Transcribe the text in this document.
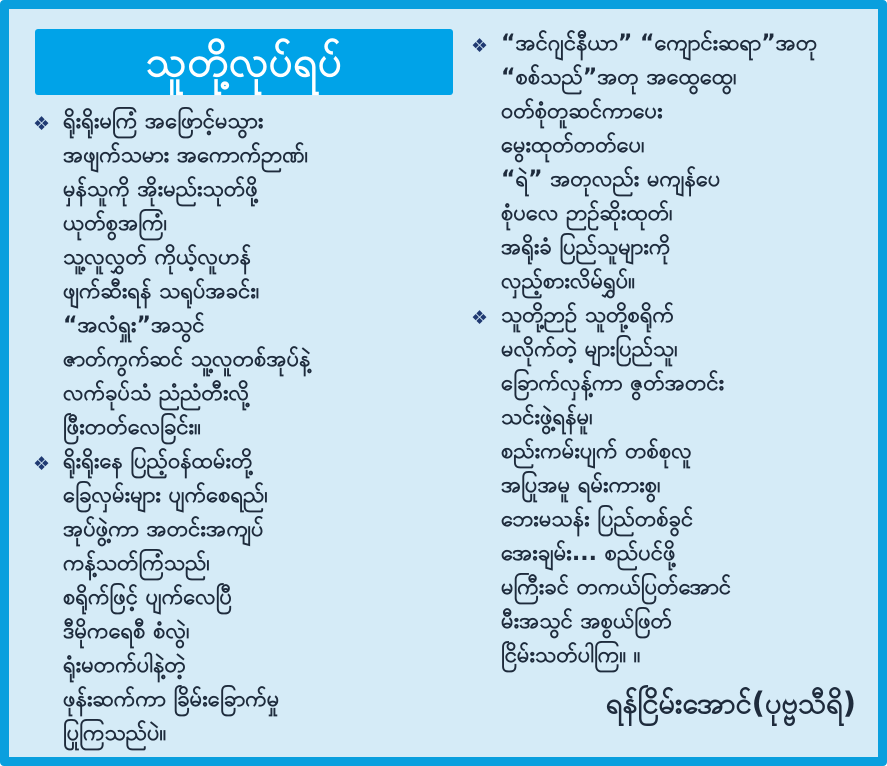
သူတို့လုပ်ရပ်
❖ ရိုးရိုးမကြံ အဖြောင့်မသွား
အဖျက်သမား အကောက်ဉာဏ်၊
မှန်သူကို အိုးမည်းသုတ်ဖို့
ယုတ်စွအကြံ၊
သူ့လူလွှတ် ကိုယ့်လူဟန်
ဖျက်ဆီးရန် သရုပ်အခင်း၊
“အလံရှူး”အသွင်
ဇာတ်ကွက်ဆင် သူ့လူတစ်အုပ်နဲ့
လက်ခုပ်သံ ညံညံတီးလို့
ဖြီးတတ်လေခြင်း။
❖ ရိုးရိုးနေ ပြည့်ဝန်ထမ်းတို့
ခြေလှမ်းများ ပျက်စေရည်၊
အုပ်ဖွဲ့ကာ အတင်းအကျပ်
ကန့်သတ်ကြံသည်၊
စရိုက်ဖြင့် ပျက်လေပြီ
ဒီမိုကရေစီ စံလွဲ၊
ရုံးမတက်ပါနဲ့တဲ့
ဖုန်းဆက်ကာ ခြိမ်းခြောက်မှု
ပြုကြသည်ပဲ။
❖ “အင်ဂျင်နီယာ” “ကျောင်းဆရာ”အတု
“စစ်သည်”အတု အထွေထွေ၊
ဝတ်စုံတူဆင်ကာပေး
မွေးထုတ်တတ်ပေ၊
“ရဲ” အတုလည်း မကျန်ပေ
စုံပလေ ဉာဉ်ဆိုးထုတ်၊
အရိုးခံ ပြည်သူများကို
လှည့်စားလိမ်ရွှပ်။
❖ သူတို့ဉာဉ် သူတို့စရိုက်
မလိုက်တဲ့ များပြည်သူ၊
ခြောက်လှန့်ကာ ဇွတ်အတင်း
သင်းဖွဲ့ရန်မူ၊
စည်းကမ်းပျက် တစ်စုလူ
အပြုအမူ ရမ်းကားစွ၊
ဘေးမသန်း ပြည်တစ်ခွင်
အေးချမ်း... စည်ပင်ဖို့
မကြီးခင် တကယ်ပြတ်အောင်
မီးအသွင် အစွယ်ဖြတ်
ငြိမ်းသတ်ပါကြ။ ။
ရန်ငြိမ်းအောင်(ပုဗ္ဗသီရိ)
